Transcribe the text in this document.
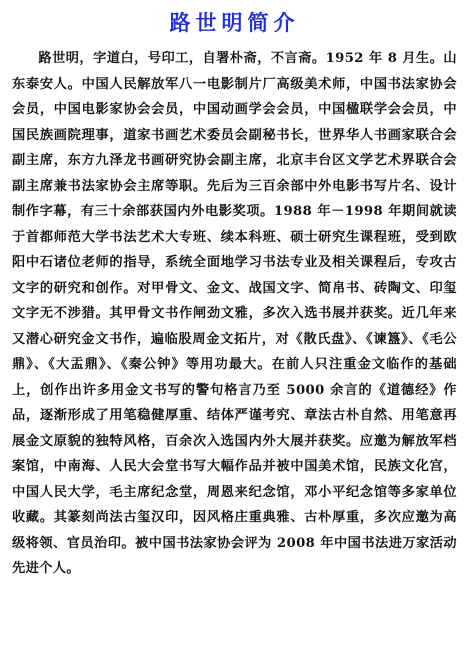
路世明简介

路世明，字道白，号印工，自署朴斋，不言斋。1952 年 8 月生。山东泰安人。中国人民解放军八一电影制片厂高级美术师，中国书法家协会会员，中国电影家协会会员，中国动画学会会员，中国楹联学会会员，中国民族画院理事，道家书画艺术委员会副秘书长，世界华人书画家联合会副主席，东方九泽龙书画研究协会副主席，北京丰台区文学艺术界联合会副主席兼书法家协会主席等职。先后为三百余部中外电影书写片名、设计制作字幕，有三十余部获国内外电影奖项。1988 年－1998 年期间就读于首都师范大学书法艺术大专班、续本科班、硕士研究生课程班，受到欧阳中石诸位老师的指导，系统全面地学习书法专业及相关课程后，专攻古文字的研究和创作。对甲骨文、金文、战国文字、简帛书、砖陶文、印玺文字无不涉猎。其甲骨文书作闸劲文雅，多次入选书展并获奖。近几年来又潜心研究金文书作，遍临股周金文拓片，对《散氏盘》、《谏簋》、《毛公鼎》、《大盂鼎》、《秦公钟》等用功最大。在前人只注重金文临作的基础上，创作出许多用金文书写的警句格言乃至 5000 余言的《道德经》作品，逐渐形成了用笔稳健厚重、结体严谨考究、章法古朴自然、用笔意再展金文原貌的独特风格，百余次入选国内外大展并获奖。应邀为解放军档案馆，中南海、人民大会堂书写大幅作品并被中国美术馆，民族文化宫，中国人民大学，毛主席纪念堂，周恩来纪念馆，邓小平纪念馆等多家单位收藏。其篆刻尚法古玺汉印，因风格庄重典雅、古朴厚重，多次应邀为高级将领、官员治印。被中国书法家协会评为 2008 年中国书法进万家活动先进个人。
